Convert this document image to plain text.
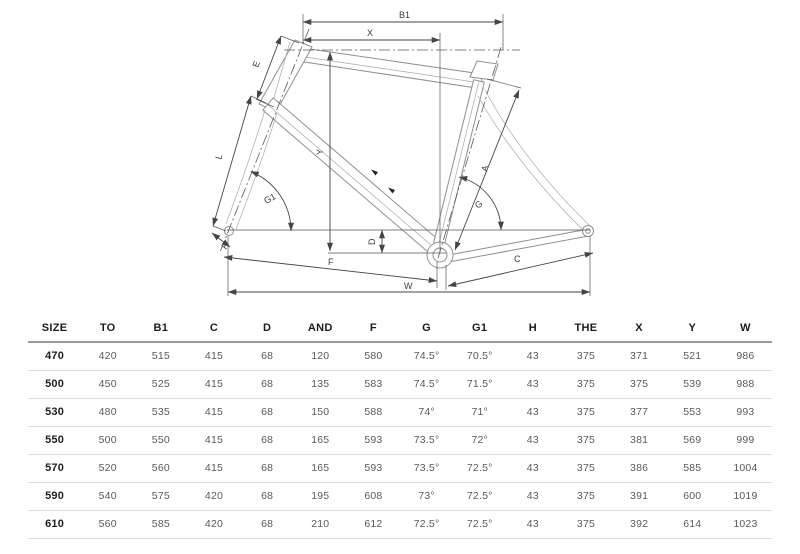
B1
X
Y
D
E
L
H
G1	G
A
F	C
W
SIZE	TO	B1	C	D	AND	F	G	G1	H	THE	X	Y	W
470	420	515	415	68	120	580	74.5°	70.5°	43	375	371	521	986
500	450	525	415	68	135	583	74.5°	71.5°	43	375	375	539	988
530	480	535	415	68	150	588	74°	71°	43	375	377	553	993
550	500	550	415	68	165	593	73.5°	72°	43	375	381	569	999
570	520	560	415	68	165	593	73.5°	72.5°	43	375	386	585	1004
590	540	575	420	68	195	608	73°	72.5°	43	375	391	600	1019
610	560	585	420	68	210	612	72.5°	72.5°	43	375	392	614	1023
